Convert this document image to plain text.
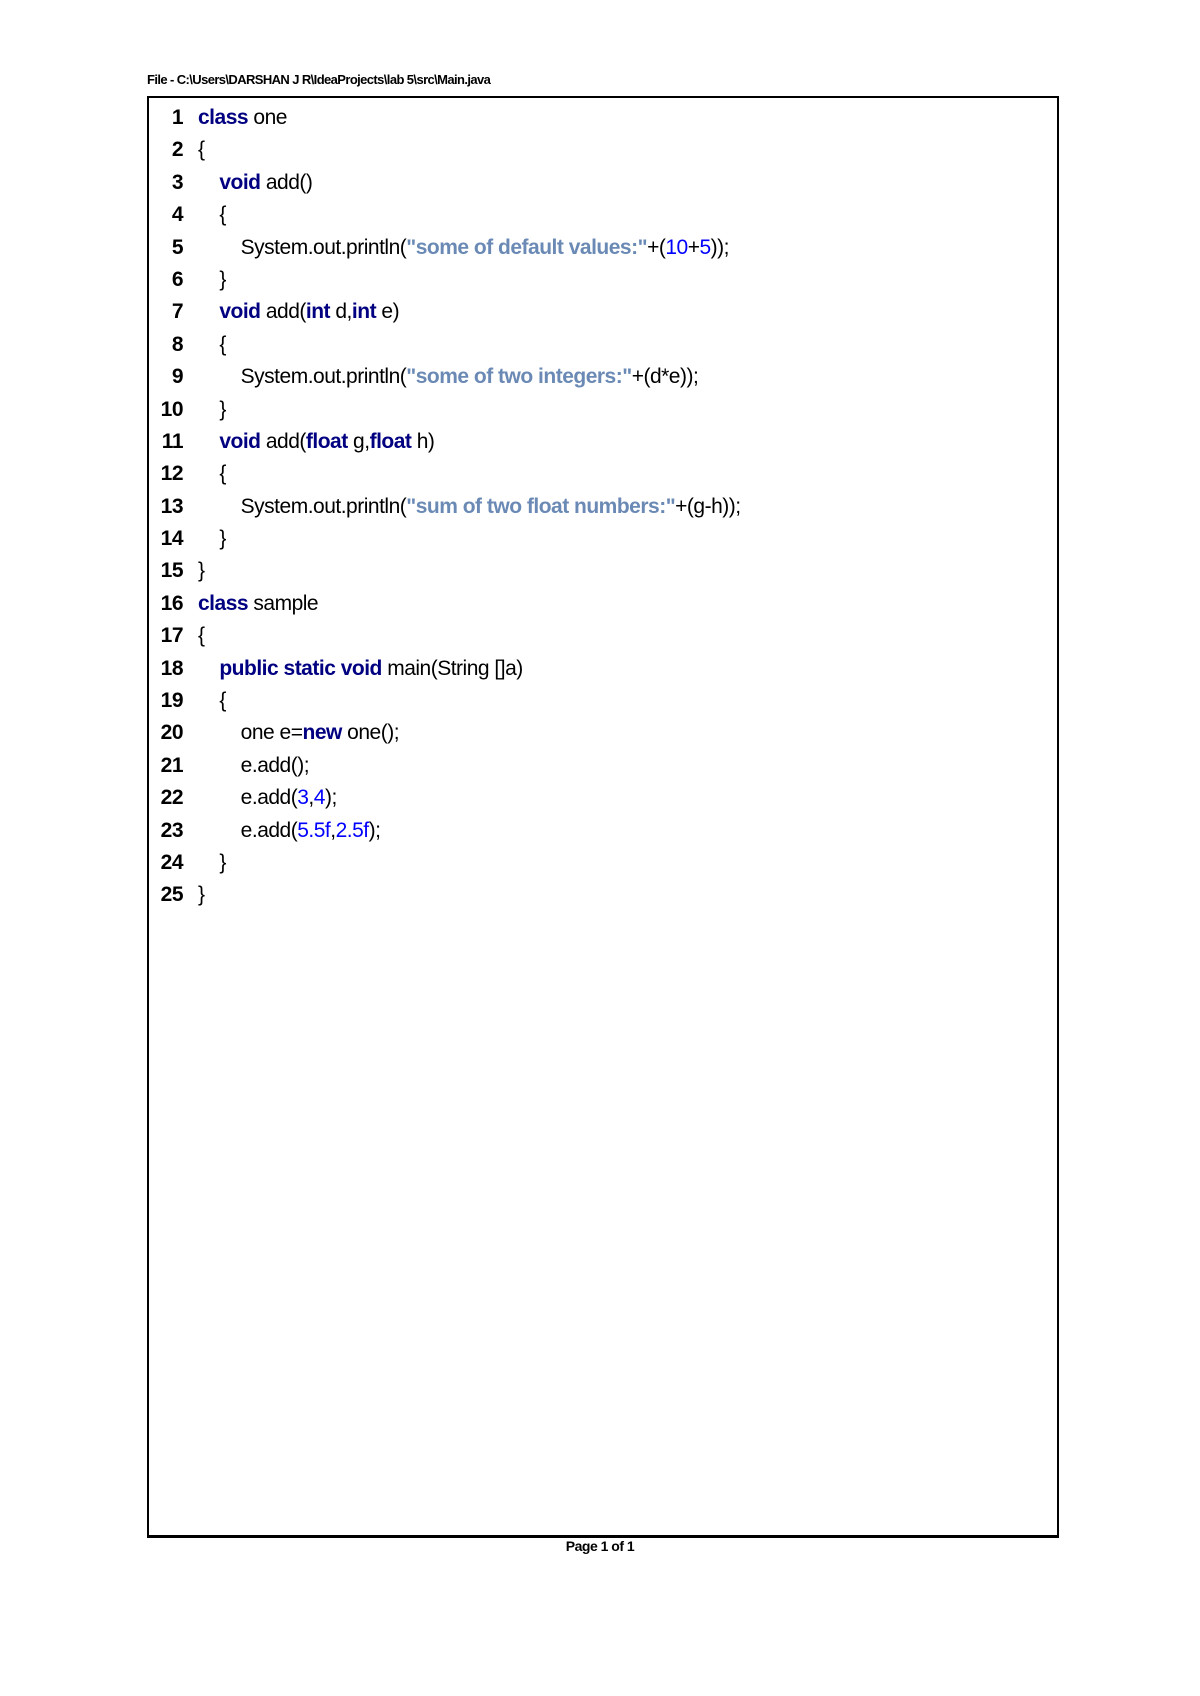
File - C:\Users\DARSHAN J R\IdeaProjects\lab 5\src\Main.java
1 class one
2 {
3	void add()
4 {
5 System.out.println("some of default values:"+(10+5));
6 }
7	void add(int d,int e)
8 {
9 System.out.println("some of two integers:"+(d*e));
10 }
11	void add(float g,float h)
12 {
13 System.out.println("sum of two float numbers:"+(g-h));
14 }
15 }
16 class sample
17 {
18	public static void main(String []a)
19 {
20 one e=new one();
21 e.add();
22 e.add(3,4);
23 e.add(5.5f,2.5f);
24 }
25 }
Page 1 of 1
